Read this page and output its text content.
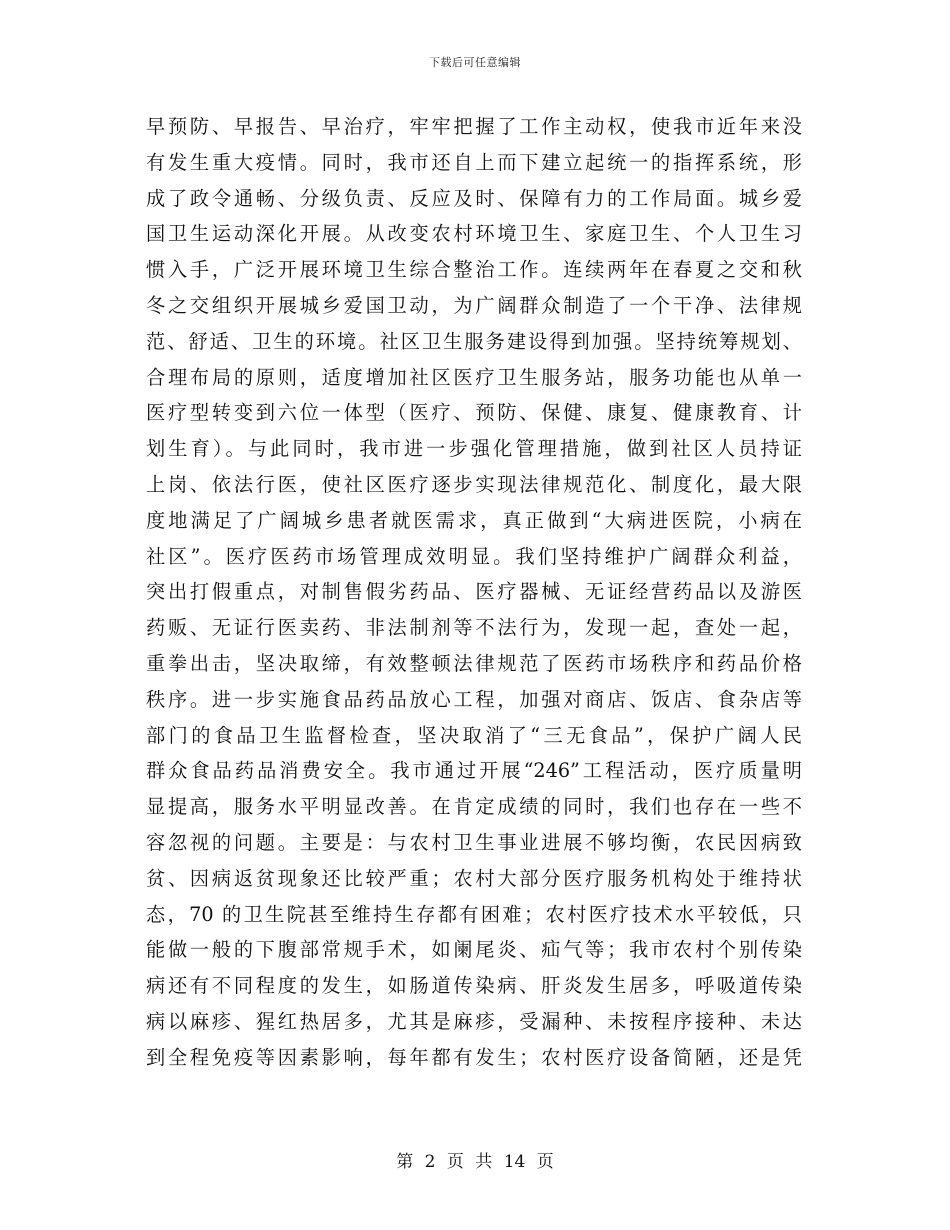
下载后可任意编辑
早预防、早报告、早治疗，牢牢把握了工作主动权，使我市近年来没
有发生重大疫情。同时，我市还自上而下建立起统一的指挥系统，形
成了政令通畅、分级负责、反应及时、保障有力的工作局面。城乡爱
国卫生运动深化开展。从改变农村环境卫生、家庭卫生、个人卫生习
惯入手，广泛开展环境卫生综合整治工作。连续两年在春夏之交和秋
冬之交组织开展城乡爱国卫动，为广阔群众制造了一个干净、法律规
范、舒适、卫生的环境。社区卫生服务建设得到加强。坚持统筹规划、
合理布局的原则，适度增加社区医疗卫生服务站，服务功能也从单一
医疗型转变到六位一体型（医疗、预防、保健、康复、健康教育、计
划生育）。与此同时，我市进一步强化管理措施，做到社区人员持证
上岗、依法行医，使社区医疗逐步实现法律规范化、制度化，最大限
度地满足了广阔城乡患者就医需求，真正做到“大病进医院，小病在
社区”。医疗医药市场管理成效明显。我们坚持维护广阔群众利益，
突出打假重点，对制售假劣药品、医疗器械、无证经营药品以及游医
药贩、无证行医卖药、非法制剂等不法行为，发现一起，查处一起，
重拳出击，坚决取缔，有效整顿法律规范了医药市场秩序和药品价格
秩序。进一步实施食品药品放心工程，加强对商店、饭店、食杂店等
部门的食品卫生监督检查，坚决取消了“三无食品”，保护广阔人民
群众食品药品消费安全。我市通过开展“246”工程活动，医疗质量明
显提高，服务水平明显改善。在肯定成绩的同时，我们也存在一些不
容忽视的问题。主要是：与农村卫生事业进展不够均衡，农民因病致
贫、因病返贫现象还比较严重；农村大部分医疗服务机构处于维持状
态，70 的卫生院甚至维持生存都有困难；农村医疗技术水平较低，只
能做一般的下腹部常规手术，如阑尾炎、疝气等；我市农村个别传染
病还有不同程度的发生，如肠道传染病、肝炎发生居多，呼吸道传染
病以麻疹、猩红热居多，尤其是麻疹，受漏种、未按程序接种、未达
到全程免疫等因素影响，每年都有发生；农村医疗设备简陋，还是凭
第 2 页 共 14 页
